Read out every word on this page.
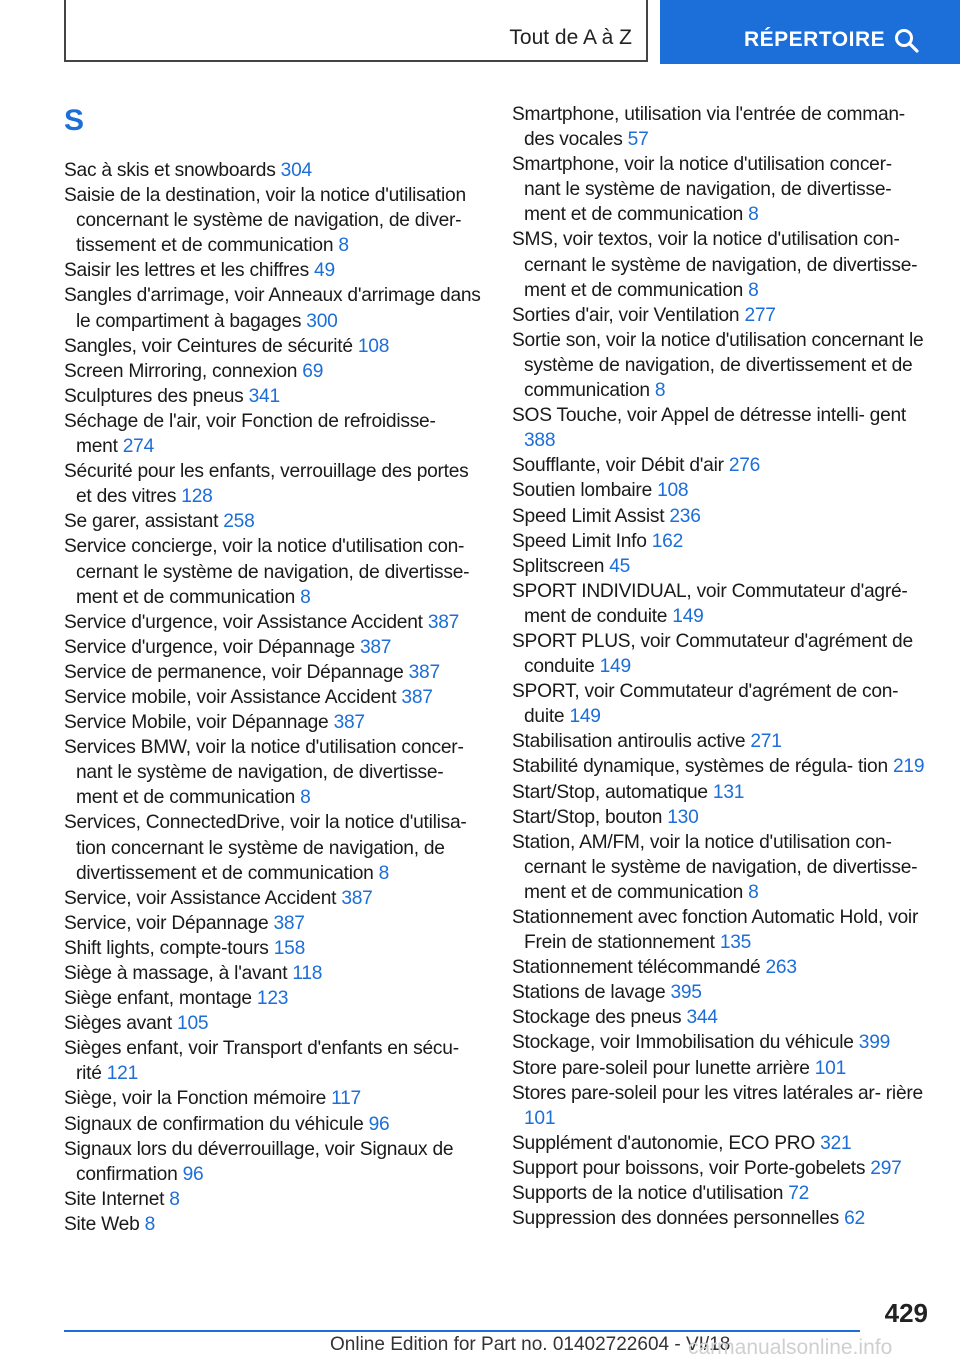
Tout de A à Z	RÉPERTOIRE
S
Sac à skis et snowboards 304
Saisie de la destination, voir la notice d'utilisation concernant le système de navigation, de diver‐ tissement et de communication 8
Saisir les lettres et les chiffres 49
Sangles d'arrimage, voir Anneaux d'arrimage dans le compartiment à bagages 300
Sangles, voir Ceintures de sécurité 108
Screen Mirroring, connexion 69
Sculptures des pneus 341
Séchage de l'air, voir Fonction de refroidisse‐ ment 274
Sécurité pour les enfants, verrouillage des portes et des vitres 128
Se garer, assistant 258
Service concierge, voir la notice d'utilisation con‐ cernant le système de navigation, de divertisse‐ ment et de communication 8
Service d'urgence, voir Assistance Accident 387
Service d'urgence, voir Dépannage 387
Service de permanence, voir Dépannage 387
Service mobile, voir Assistance Accident 387
Service Mobile, voir Dépannage 387
Services BMW, voir la notice d'utilisation concer‐ nant le système de navigation, de divertisse‐ ment et de communication 8
Services, ConnectedDrive, voir la notice d'utilisa‐ tion concernant le système de navigation, de divertissement et de communication 8
Service, voir Assistance Accident 387
Service, voir Dépannage 387
Shift lights, compte-tours 158
Siège à massage, à l'avant 118
Siège enfant, montage 123
Sièges avant 105
Sièges enfant, voir Transport d'enfants en sécu‐ rité 121
Siège, voir la Fonction mémoire 117
Signaux de confirmation du véhicule 96
Signaux lors du déverrouillage, voir Signaux de confirmation 96
Site Internet 8
Site Web 8
Smartphone, utilisation via l'entrée de comman‐ des vocales 57
Smartphone, voir la notice d'utilisation concer‐ nant le système de navigation, de divertisse‐ ment et de communication 8
SMS, voir textos, voir la notice d'utilisation con‐ cernant le système de navigation, de divertisse‐ ment et de communication 8
Sorties d'air, voir Ventilation 277
Sortie son, voir la notice d'utilisation concernant le système de navigation, de divertissement et de communication 8
SOS Touche, voir Appel de détresse intelli‐ gent 388
Soufflante, voir Débit d'air 276
Soutien lombaire 108
Speed Limit Assist 236
Speed Limit Info 162
Splitscreen 45
SPORT INDIVIDUAL, voir Commutateur d'agré‐ ment de conduite 149
SPORT PLUS, voir Commutateur d'agrément de conduite 149
SPORT, voir Commutateur d'agrément de con‐ duite 149
Stabilisation antiroulis active 271
Stabilité dynamique, systèmes de régula‐ tion 219
Start/Stop, automatique 131
Start/Stop, bouton 130
Station, AM/FM, voir la notice d'utilisation con‐ cernant le système de navigation, de divertisse‐ ment et de communication 8
Stationnement avec fonction Automatic Hold, voir Frein de stationnement 135
Stationnement télécommandé 263
Stations de lavage 395
Stockage des pneus 344
Stockage, voir Immobilisation du véhicule 399
Store pare-soleil pour lunette arrière 101
Stores pare-soleil pour les vitres latérales ar‐ rière 101
Supplément d'autonomie, ECO PRO 321
Support pour boissons, voir Porte-gobelets 297
Supports de la notice d'utilisation 72
Suppression des données personnelles 62
429
Online Edition for Part no. 01402722604 - VI/18
carmanualsonline.info
